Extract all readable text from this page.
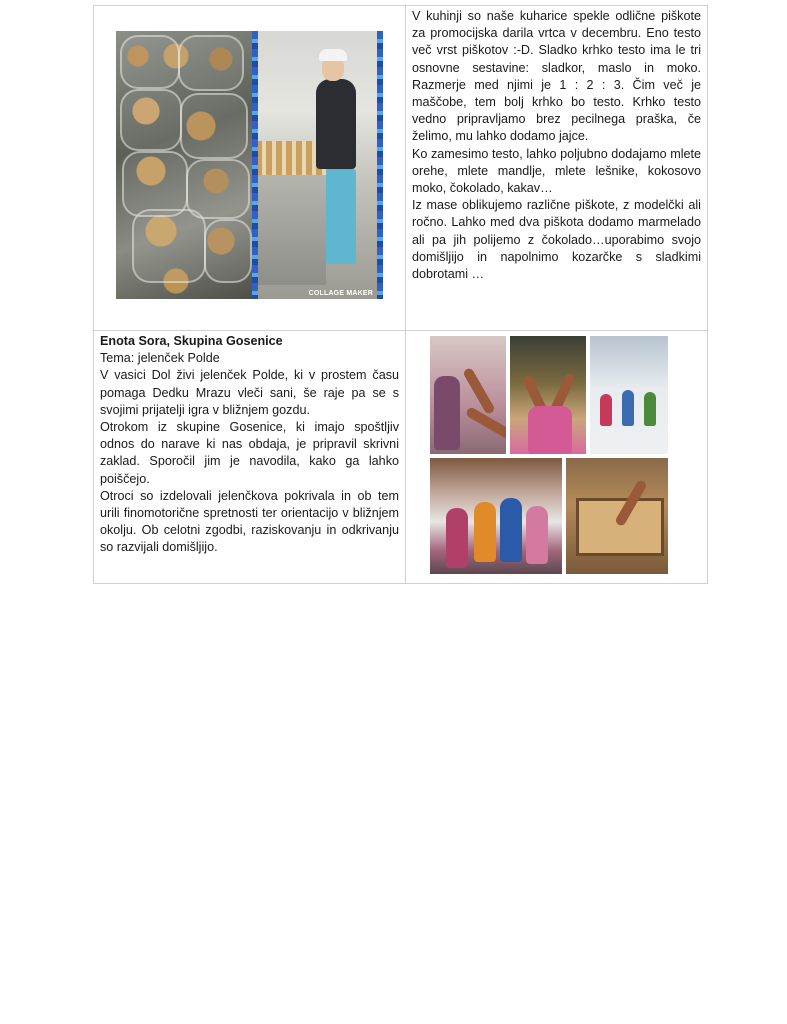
COLLAGE MAKER	V kuhinji so naše kuharice spekle odlične piškote za promocijska darila vrtca v decembru. Eno testo več vrst piškotov :-D. Sladko krhko testo ima le tri osnovne sestavine: sladkor, maslo in moko. Razmerje med njimi je 1 : 2 : 3. Čim več je maščobe, tem bolj krhko bo testo. Krhko testo vedno pripravljamo brez pecilnega praška, če želimo, mu lahko dodamo jajce.

Ko zamesimo testo, lahko poljubno dodajamo mlete orehe, mlete mandlje, mlete lešnike, kokosovo moko, čokolado, kakav…

Iz mase oblikujemo različne piškote, z modelčki ali ročno. Lahko med dva piškota dodamo marmelado ali pa jih polijemo z čokolado…uporabimo svojo domišljijo in napolnimo kozarčke s sladkimi dobrotami …

Enota Sora, Skupina Gosenice

Tema: jelenček Polde

V vasici Dol živi jelenček Polde, ki v prostem času pomaga Dedku Mrazu vleči sani, še raje pa se s svojimi prijatelji igra v bližnjem gozdu.

Otrokom iz skupine Gosenice, ki imajo spoštljiv odnos do narave ki nas obdaja, je pripravil skrivni zaklad. Sporočil jim je navodila, kako ga lahko poiščejo.

Otroci so izdelovali jelenčkova pokrivala in ob tem urili finomotorične spretnosti ter orientacijo v bližnjem okolju. Ob celotni zgodbi, raziskovanju in odkrivanju so razvijali domišljijo.	
